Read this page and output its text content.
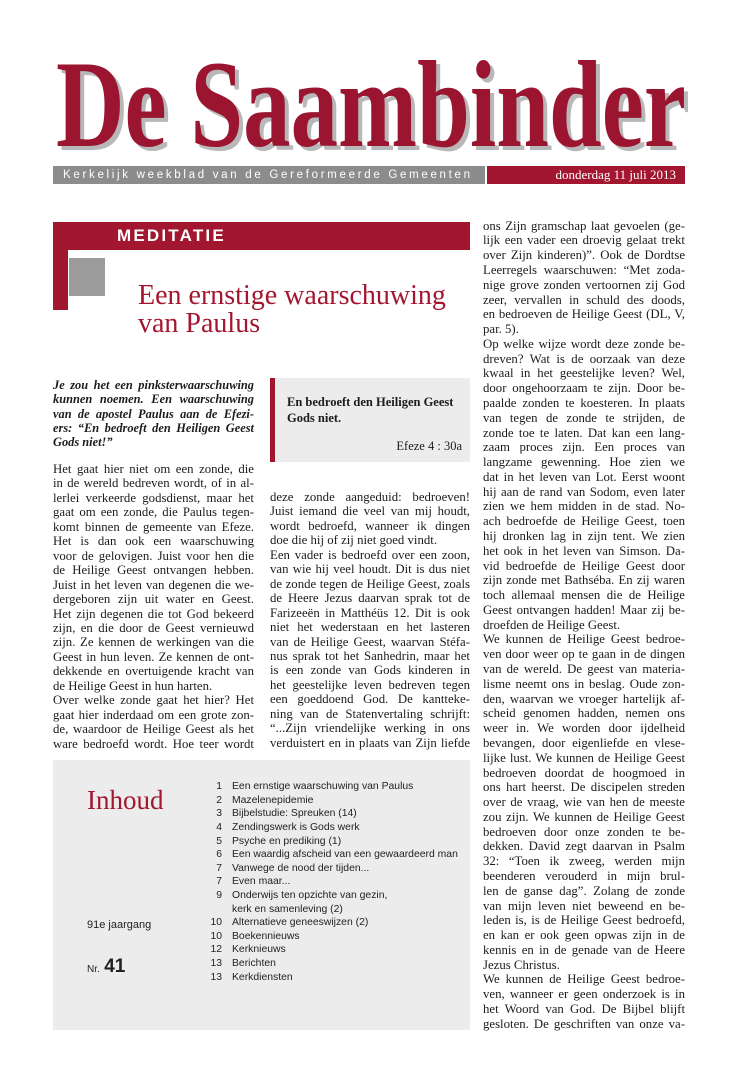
De Saambinder
De Saambinder
Kerkelijk weekblad van de Gereformeerde Gemeenten	donderdag 11 juli 2013
MEDITATIE
Een ernstige waarschuwing
van Paulus
Je zou het een pinksterwaarschuwing
kunnen noemen. Een waarschuwing
van de apostel Paulus aan de Efezi-
ers: “En bedroeft den Heiligen Geest
Gods niet!”
En bedroeft den Heiligen Geest
Gods niet.
Efeze 4 : 30a
Het gaat hier niet om een zonde, die
in de wereld bedreven wordt, of in al-
lerlei verkeerde godsdienst, maar het
gaat om een zonde, die Paulus tegen-
komt binnen de gemeente van Efeze.
Het is dan ook een waarschuwing
voor de gelovigen. Juist voor hen die
de Heilige Geest ontvangen hebben.
Juist in het leven van degenen die we-
dergeboren zijn uit water en Geest.
Het zijn degenen die tot God bekeerd
zijn, en die door de Geest vernieuwd
zijn. Ze kennen de werkingen van die
Geest in hun leven. Ze kennen de ont-
dekkende en overtuigende kracht van
de Heilige Geest in hun harten.
Over welke zonde gaat het hier? Het
gaat hier inderdaad om een grote zon-
de, waardoor de Heilige Geest als het
ware bedroefd wordt. Hoe teer wordt
deze zonde aangeduid: bedroeven!
Juist iemand die veel van mij houdt,
wordt bedroefd, wanneer ik dingen
doe die hij of zij niet goed vindt.
Een vader is bedroefd over een zoon,
van wie hij veel houdt. Dit is dus niet
de zonde tegen de Heilige Geest, zoals
de Heere Jezus daarvan sprak tot de
Farizeeën in Matthéüs 12. Dit is ook
niet het wederstaan en het lasteren
van de Heilige Geest, waarvan Stéfa-
nus sprak tot het Sanhedrin, maar het
is een zonde van Gods kinderen in
het geestelijke leven bedreven tegen
een goeddoend God. De kantteke-
ning van de Statenvertaling schrijft:
“...Zijn vriendelijke werking in ons
verduistert en in plaats van Zijn liefde
ons Zijn gramschap laat gevoelen (ge-
lijk een vader een droevig gelaat trekt
over Zijn kinderen)”. Ook de Dordtse
Leerregels waarschuwen: “Met zoda-
nige grove zonden vertoornen zij God
zeer, vervallen in schuld des doods,
en bedroeven de Heilige Geest (DL, V,
par. 5).
Op welke wijze wordt deze zonde be-
dreven? Wat is de oorzaak van deze
kwaal in het geestelijke leven? Wel,
door ongehoorzaam te zijn. Door be-
paalde zonden te koesteren. In plaats
van tegen de zonde te strijden, de
zonde toe te laten. Dat kan een lang-
zaam proces zijn. Een proces van
langzame gewenning. Hoe zien we
dat in het leven van Lot. Eerst woont
hij aan de rand van Sodom, even later
zien we hem midden in de stad. No-
ach bedroefde de Heilige Geest, toen
hij dronken lag in zijn tent. We zien
het ook in het leven van Simson. Da-
vid bedroefde de Heilige Geest door
zijn zonde met Bathséba. En zij waren
toch allemaal mensen die de Heilige
Geest ontvangen hadden! Maar zij be-
droefden de Heilige Geest.
We kunnen de Heilige Geest bedroe-
ven door weer op te gaan in de dingen
van de wereld. De geest van materia-
lisme neemt ons in beslag. Oude zon-
den, waarvan we vroeger hartelijk af-
scheid genomen hadden, nemen ons
weer in. We worden door ijdelheid
bevangen, door eigenliefde en vlese-
lijke lust. We kunnen de Heilige Geest
bedroeven doordat de hoogmoed in
ons hart heerst. De discipelen streden
over de vraag, wie van hen de meeste
zou zijn. We kunnen de Heilige Geest
bedroeven door onze zonden te be-
dekken. David zegt daarvan in Psalm
32: “Toen ik zweeg, werden mijn
beenderen verouderd in mijn brul-
len de ganse dag”. Zolang de zonde
van mijn leven niet beweend en be-
leden is, is de Heilige Geest bedroefd,
en kan er ook geen opwas zijn in de
kennis en in de genade van de Heere
Jezus Christus.
We kunnen de Heilige Geest bedroe-
ven, wanneer er geen onderzoek is in
het Woord van God. De Bijbel blijft
gesloten. De geschriften van onze va-
Inhoud	1 Een ernstige waarschuwing van Paulus
2 Mazelenepidemie
3 Bijbelstudie: Spreuken (14)
4 Zendingswerk is Gods werk
5 Psyche en prediking (1)
6 Een waardig afscheid van een gewaardeerd man
7 Vanwege de nood der tijden...
7 Even maar...
9 Onderwijs ten opzichte van gezin,
kerk en samenleving (2)
10 Alternatieve geneeswijzen (2)
10 Boekennieuws
12 Kerknieuws
13 Berichten
13 Kerkdiensten
91e jaargang
Nr. 41
